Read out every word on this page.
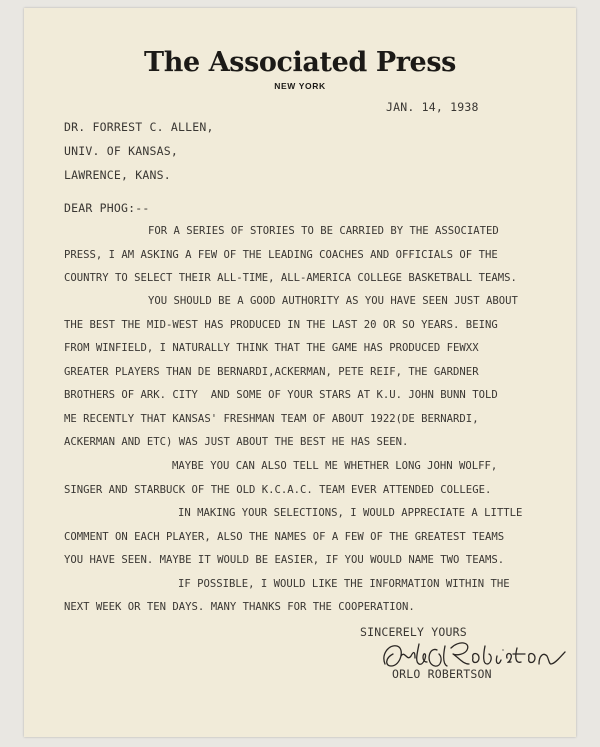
The Associated Press
NEW YORK
JAN. 14, 1938
DR. FORREST C. ALLEN,
UNIV. OF KANSAS,
LAWRENCE, KANS.
DEAR PHOG:--
FOR A SERIES OF STORIES TO BE CARRIED BY THE ASSOCIATED
PRESS, I AM ASKING A FEW OF THE LEADING COACHES AND OFFICIALS OF THE
COUNTRY TO SELECT THEIR ALL-TIME, ALL-AMERICA COLLEGE BASKETBALL TEAMS.
YOU SHOULD BE A GOOD AUTHORITY AS YOU HAVE SEEN JUST ABOUT
THE BEST THE MID-WEST HAS PRODUCED IN THE LAST 20 OR SO YEARS. BEING
FROM WINFIELD, I NATURALLY THINK THAT THE GAME HAS PRODUCED FEWXX
GREATER PLAYERS THAN DE BERNARDI,ACKERMAN, PETE REIF, THE GARDNER
BROTHERS OF ARK. CITY  AND SOME OF YOUR STARS AT K.U. JOHN BUNN TOLD
ME RECENTLY THAT KANSAS' FRESHMAN TEAM OF ABOUT 1922(DE BERNARDI,
ACKERMAN AND ETC) WAS JUST ABOUT THE BEST HE HAS SEEN.
MAYBE YOU CAN ALSO TELL ME WHETHER LONG JOHN WOLFF,
SINGER AND STARBUCK OF THE OLD K.C.A.C. TEAM EVER ATTENDED COLLEGE.
IN MAKING YOUR SELECTIONS, I WOULD APPRECIATE A LITTLE
COMMENT ON EACH PLAYER, ALSO THE NAMES OF A FEW OF THE GREATEST TEAMS
YOU HAVE SEEN. MAYBE IT WOULD BE EASIER, IF YOU WOULD NAME TWO TEAMS.
IF POSSIBLE, I WOULD LIKE THE INFORMATION WITHIN THE
NEXT WEEK OR TEN DAYS. MANY THANKS FOR THE COOPERATION.
SINCERELY YOURS
ORLO ROBERTSON
